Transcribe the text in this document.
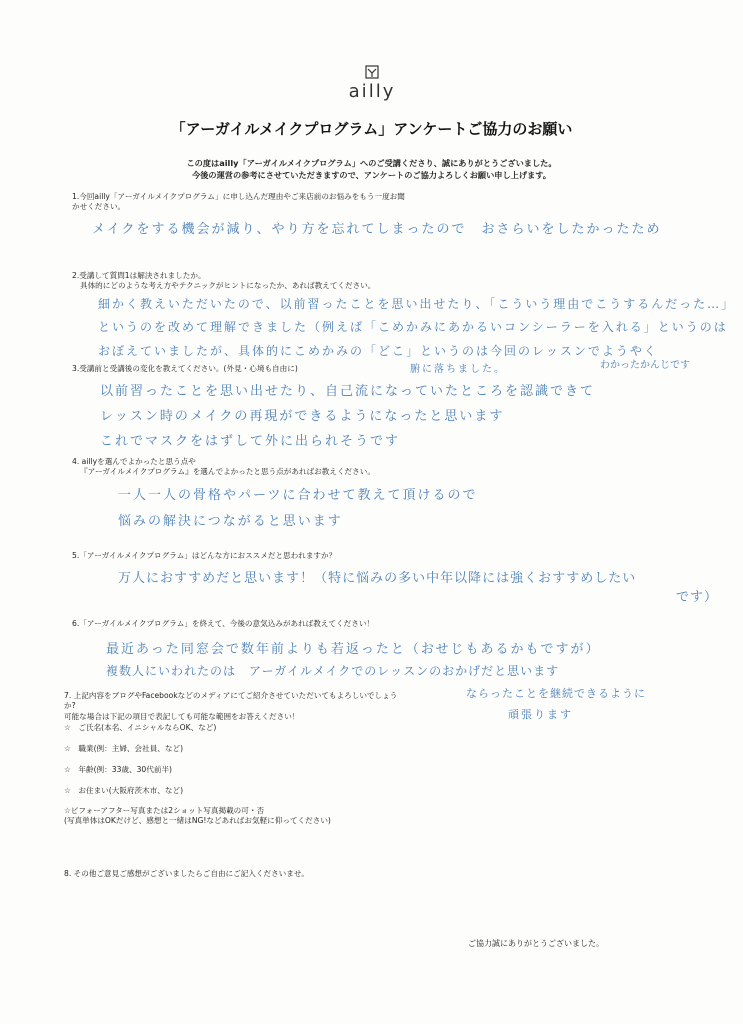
ailly
「アーガイルメイクプログラム」アンケートご協力のお願い
この度はailly「アーガイルメイクプログラム」へのご受講くださり、誠にありがとうございました。
今後の運営の参考にさせていただきますので、アンケートのご協力よろしくお願い申し上げます。
1.今回ailly「アーガイルメイクプログラム」に申し込んだ理由やご来店前のお悩みをもう一度お聞
かせください。
メイクをする機会が減り、やり方を忘れてしまったので　おさらいをしたかったため
2.受講して質問1は解決されましたか。
具体的にどのような考え方やテクニックがヒントになったか、あれば教えてください。
細かく教えいただいたので、以前習ったことを思い出せたり、「こういう理由でこうするんだった…」
というのを改めて理解できました（例えば「こめかみにあかるいコンシーラーを入れる」というのは
おぼえていましたが、具体的にこめかみの「どこ」というのは今回のレッスンでようやく
腑に落ちました。	わかったかんじです
3.受講前と受講後の変化を教えてください。(外見・心境も自由に)
以前習ったことを思い出せたり、自己流になっていたところを認識できて
レッスン時のメイクの再現ができるようになったと思います
これでマスクをはずして外に出られそうです
4. aillyを選んでよかったと思う点や
『アーガイルメイクプログラム』を選んでよかったと思う点があればお教えください。
一人一人の骨格やパーツに合わせて教えて頂けるので
悩みの解決につながると思います
5.「アーガイルメイクプログラム」はどんな方におススメだと思われますか？
万人におすすめだと思います！（特に悩みの多い中年以降には強くおすすめしたい
です）
6.「アーガイルメイクプログラム」を終えて、今後の意気込みがあれば教えてください！
最近あった同窓会で数年前よりも若返ったと（おせじもあるかもですが）
複数人にいわれたのは　アーガイルメイクでのレッスンのおかげだと思います
ならったことを継続できるように
頑張ります
7. 上記内容をブログやFacebookなどのメディアにてご紹介させていただいてもよろしいでしょう
か?
可能な場合は下記の項目で表記しても可能な範囲をお答えください！
☆　ご氏名(本名、イニシャルならOK、など)
☆　職業(例：主婦、会社員、など)
☆　年齢(例：33歳、30代前半)
☆　お住まい(大阪府茨木市、など)
☆ビフォーアフター写真または2ショット写真掲載の可・否
(写真単体はOKだけど、感想と一緒はNG!などあればお気軽に仰ってください)
8. その他ご意見ご感想がございましたらご自由にご記入くださいませ。
ご協力誠にありがとうございました。
